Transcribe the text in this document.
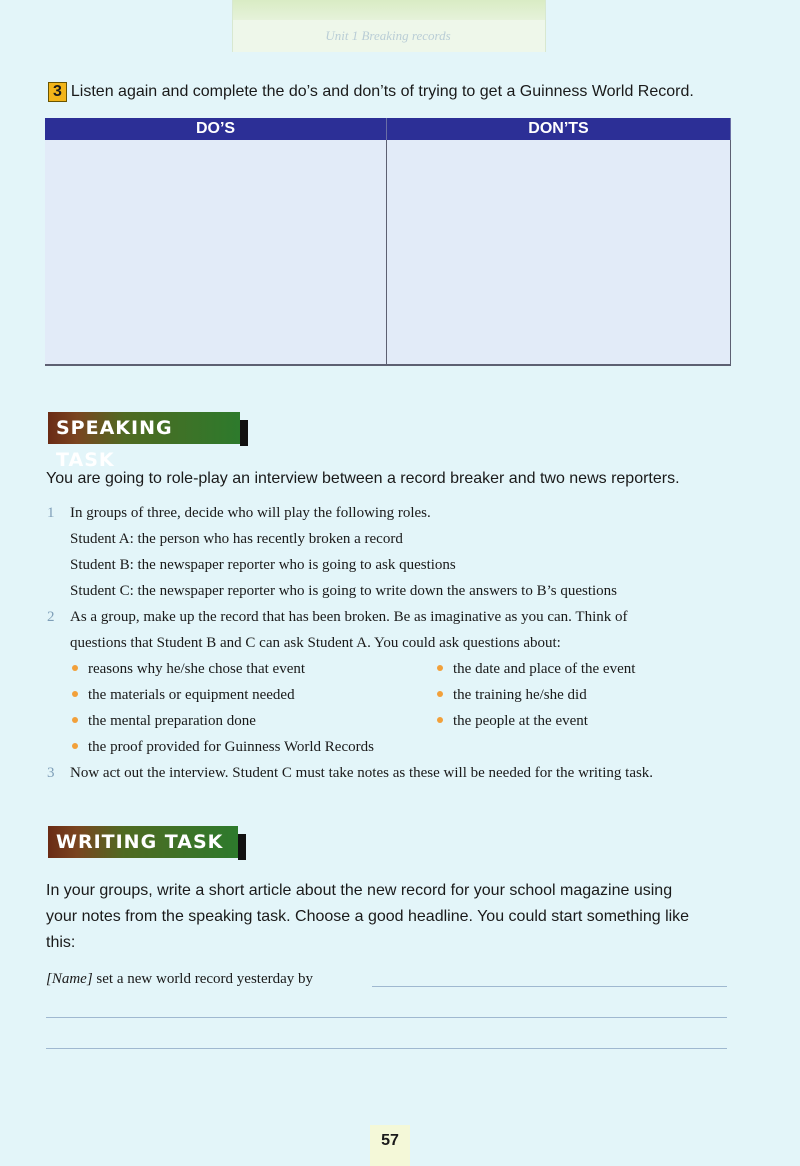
Unit 1 Breaking records
3 Listen again and complete the do’s and don’ts of trying to get a Guinness World Record.
DO’S	DON’TS

SPEAKING TASK
You are going to role-play an interview between a record breaker and two news reporters.
1 In groups of three, decide who will play the following roles.
Student A: the person who has recently broken a record
Student B: the newspaper reporter who is going to ask questions
Student C: the newspaper reporter who is going to write down the answers to B’s questions
2 As a group, make up the record that has been broken. Be as imaginative as you can. Think of
questions that Student B and C can ask Student A. You could ask questions about:
reasons why he/she chose that event
the materials or equipment needed
the mental preparation done
the proof provided for Guinness World Records
the date and place of the event
the training he/she did
the people at the event
3 Now act out the interview. Student C must take notes as these will be needed for the writing task.
WRITING TASK
In your groups, write a short article about the new record for your school magazine using
your notes from the speaking task. Choose a good headline. You could start something like
this:
[Name] set a new world record yesterday by
57
